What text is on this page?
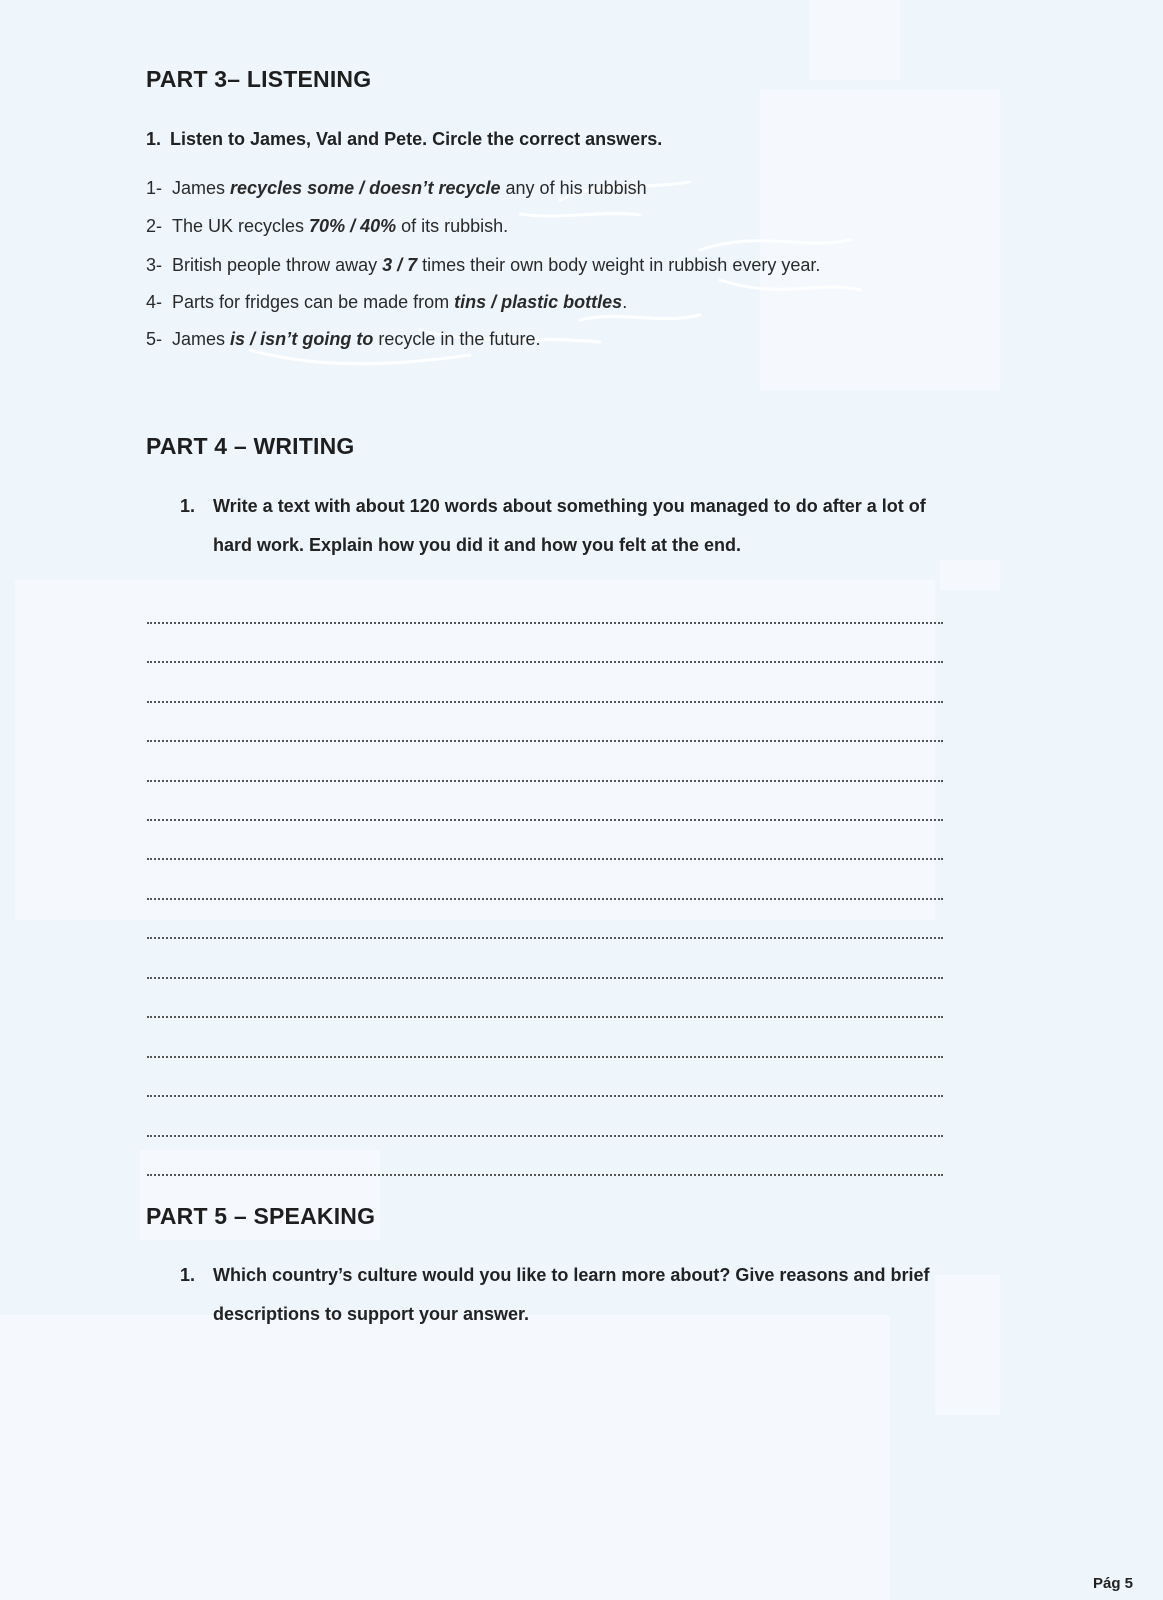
PART 3– LISTENING
1. Listen to James, Val and Pete. Circle the correct answers.
1- James recycles some / doesn’t recycle any of his rubbish
2- The UK recycles 70% / 40% of its rubbish.
3- British people throw away 3 / 7 times their own body weight in rubbish every year.
4- Parts for fridges can be made from tins / plastic bottles.
5- James is / isn’t going to recycle in the future.
PART 4 – WRITING
1. Write a text with about 120 words about something you managed to do after a lot of
hard work. Explain how you did it and how you felt at the end.
PART 5 – SPEAKING
1. Which country’s culture would you like to learn more about? Give reasons and brief
descriptions to support your answer.
Pág 5
